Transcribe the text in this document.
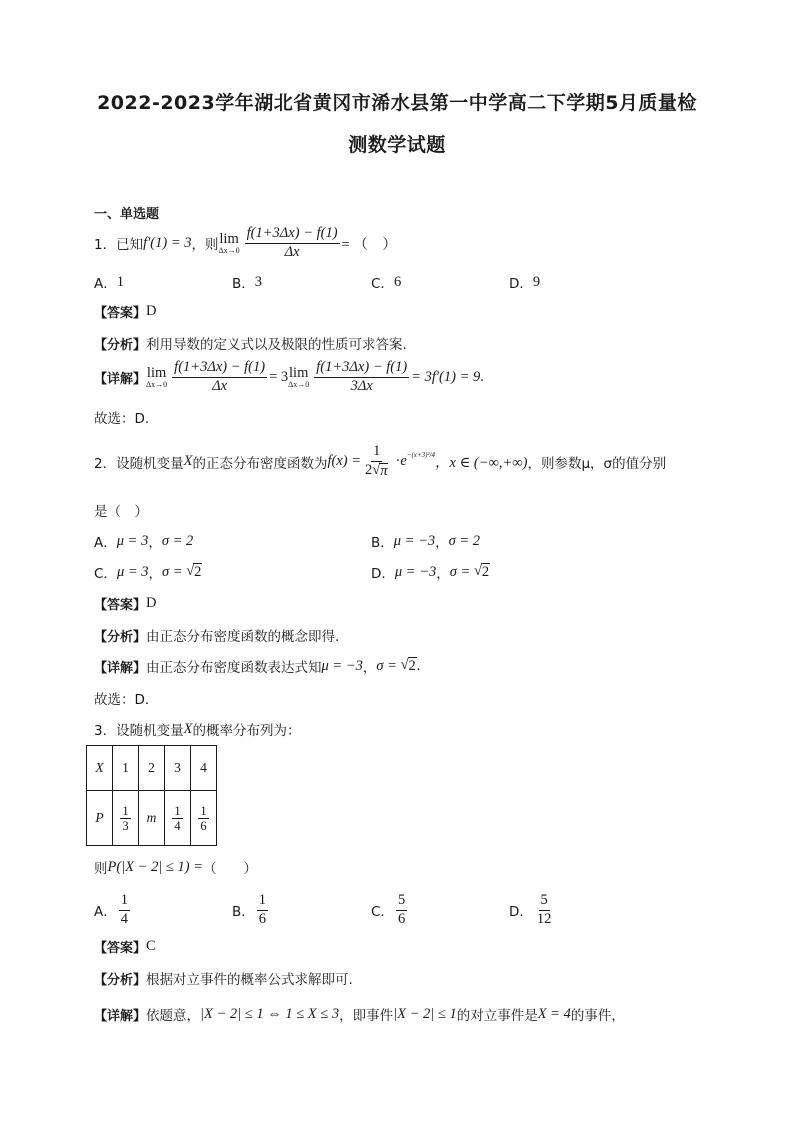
2022-2023学年湖北省黄冈市浠水县第一中学高二下学期5月质量检
测数学试题
一、单选题
1．已知 f′(1) = 3 ，则 lim
$\Delta x\to 0 \frac{f(1+3\Delta x) - f(1)}{\Delta x}$ = （　）
A． 1	B． 3	C． 6	D． 9
【答案】 D
【分析】 利用导数的定义式以及极限的性质可求答案.
【详解】 lim
$\Delta x\to 0 \frac{f(1+3\Delta x) - f(1)}{\Delta x} = 3$ lim
$\Delta x\to 0 \frac{f(1+3\Delta x) - f(1)}{3\Delta x} = 3f'(1) = 9$ .
故选：D.
2．设随机变量 X 的正态分布密度函数为 $f(x) = \frac{1}{2 √ \pi} \cdot e^{-(x+3)^2/4}$
，x ∈ (−∞,+∞) ，则参数μ，σ的值分别
是（　）
A． μ = 3 ， σ = 2	B． μ = −3 ， σ = 2
C． μ = 3 ， σ = √ 2	D． μ = −3 ， σ = √ 2
【答案】 D
【分析】 由正态分布密度函数的概念即得.
【详解】 由正态分布密度函数表达式知 μ = −3 ， σ = √ 2 .
故选：D.
3．设随机变量 X 的概率分布列为：
X	1	2	3	4
P	$\frac{1}{3}$	m	$\frac{1}{4}$	$\frac{1}{6}$
则 P(|X − 2| ≤ 1) = （　　）
A． $\frac{1}{4}$	B． $\frac{1}{6}$	C． $\frac{5}{6}$	D． $\frac{5}{12}$
【答案】 C
【分析】 根据对立事件的概率公式求解即可.
【详解】 依题意， |X − 2| ≤ 1 ⇔ 1 ≤ X ≤ 3 ，即事件 |X − 2| ≤ 1 的对立事件是 X = 4 的事件，
